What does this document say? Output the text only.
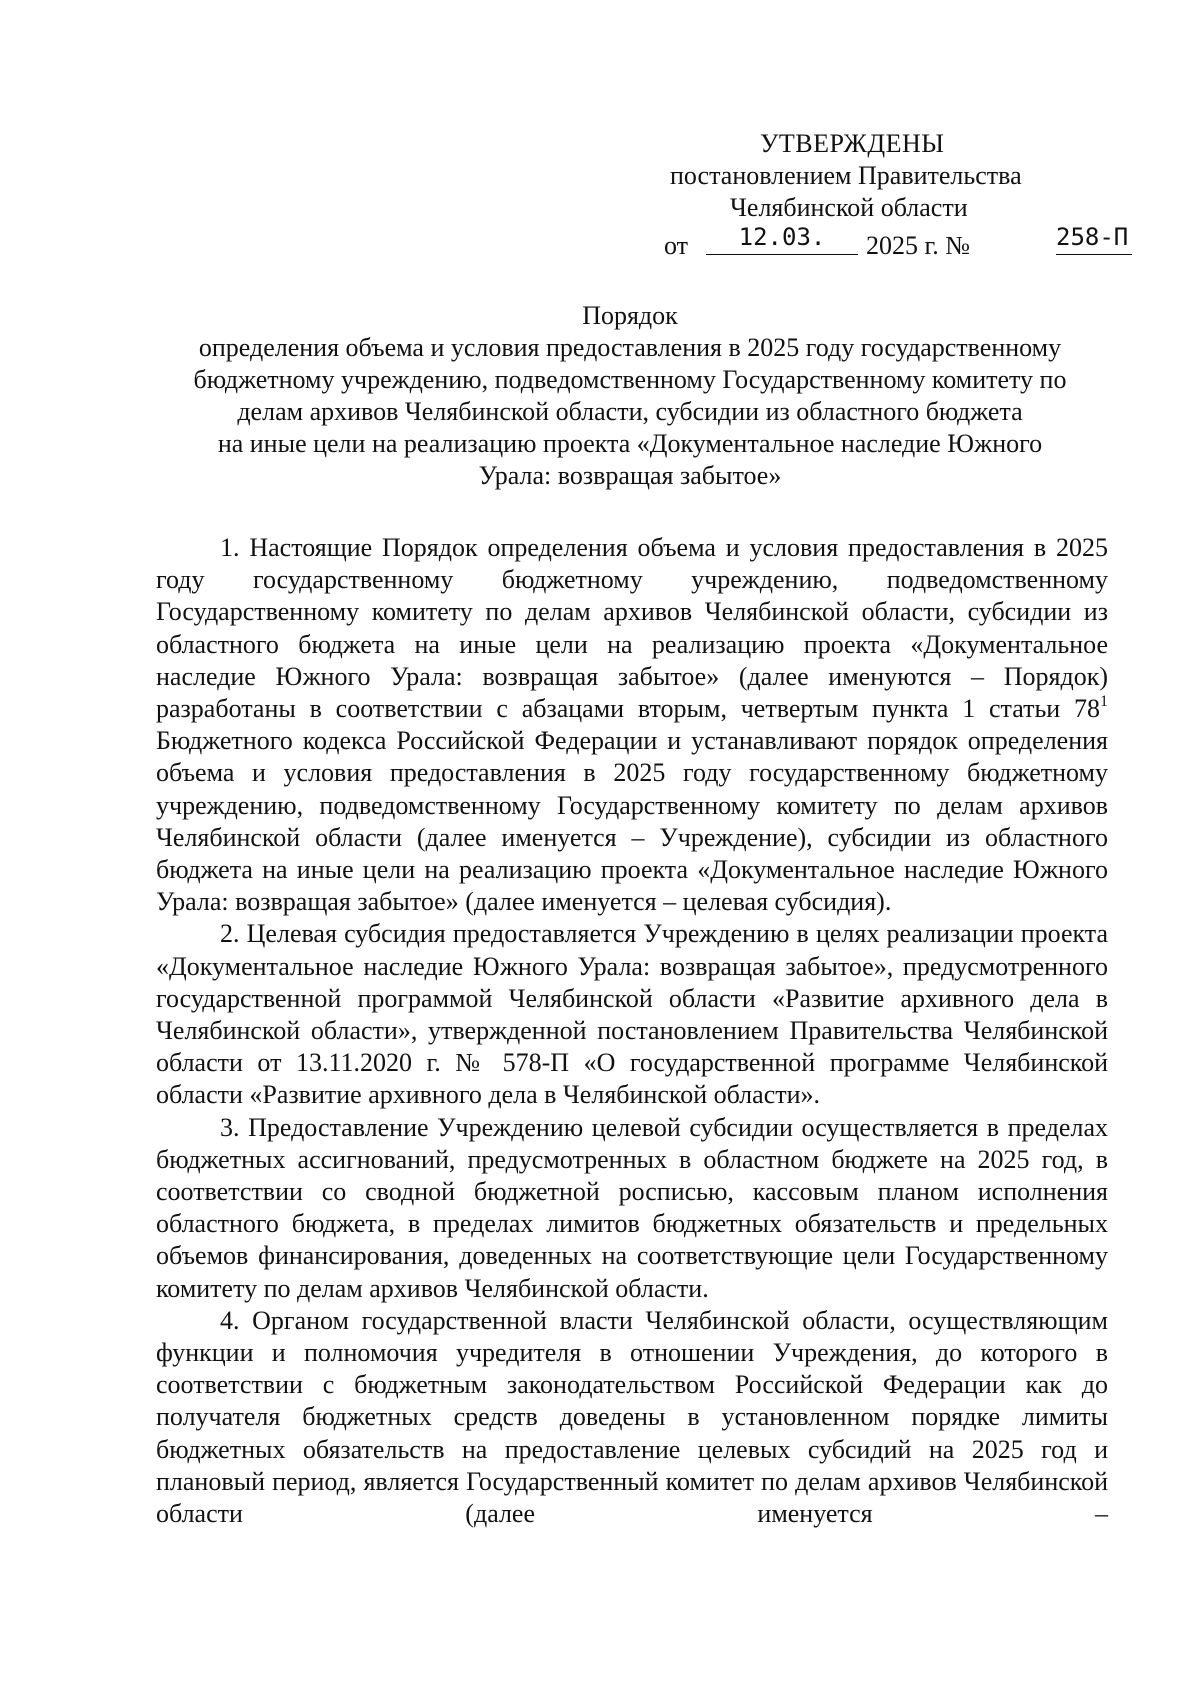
УТВЕРЖДЕНЫ
постановлением Правительства
Челябинской области
от	12.03.	2025 г. №	258-П
Порядок
определения объема и условия предоставления в 2025 году государственному
бюджетному учреждению, подведомственному Государственному комитету по
делам архивов Челябинской области, субсидии из областного бюджета
на иные цели на реализацию проекта «Документальное наследие Южного
Урала: возвращая забытое»

1. Настоящие Порядок определения объема и условия предоставления в 2025 году государственному бюджетному учреждению, подведомственному Государственному комитету по делам архивов Челябинской области, субсидии из областного бюджета на иные цели на реализацию проекта «Документальное наследие Южного Урала: возвращая забытое» (далее именуются – Порядок) разработаны в соответствии с абзацами вторым, четвертым пункта 1 статьи $78^1$ Бюджетного кодекса Российской Федерации и устанавливают порядок определения объема и условия предоставления в 2025 году государственному бюджетному учреждению, подведомственному Государственному комитету по делам архивов Челябинской области (далее именуется – Учреждение), субсидии из областного бюджета на иные цели на реализацию проекта «Документальное наследие Южного Урала: возвращая забытое» (далее именуется – целевая субсидия).

2. Целевая субсидия предоставляется Учреждению в целях реализации проекта «Документальное наследие Южного Урала: возвращая забытое», предусмотренного государственной программой Челябинской области «Развитие архивного дела в Челябинской области», утвержденной постановлением Правительства Челябинской области от 13.11.2020 г. № 578-П «О государственной программе Челябинской области «Развитие архивного дела в Челябинской области».

3. Предоставление Учреждению целевой субсидии осуществляется в пределах бюджетных ассигнований, предусмотренных в областном бюджете на 2025 год, в соответствии со сводной бюджетной росписью, кассовым планом исполнения областного бюджета, в пределах лимитов бюджетных обязательств и предельных объемов финансирования, доведенных на соответствующие цели Государственному комитету по делам архивов Челябинской области.

4. Органом государственной власти Челябинской области, осуществляющим функции и полномочия учредителя в отношении Учреждения, до которого в соответствии с бюджетным законодательством Российской Федерации как до получателя бюджетных средств доведены в установленном порядке лимиты бюджетных обязательств на предоставление целевых субсидий на 2025 год и плановый период, является Государственный комитет по делам архивов Челябинской области (далее именуется –
